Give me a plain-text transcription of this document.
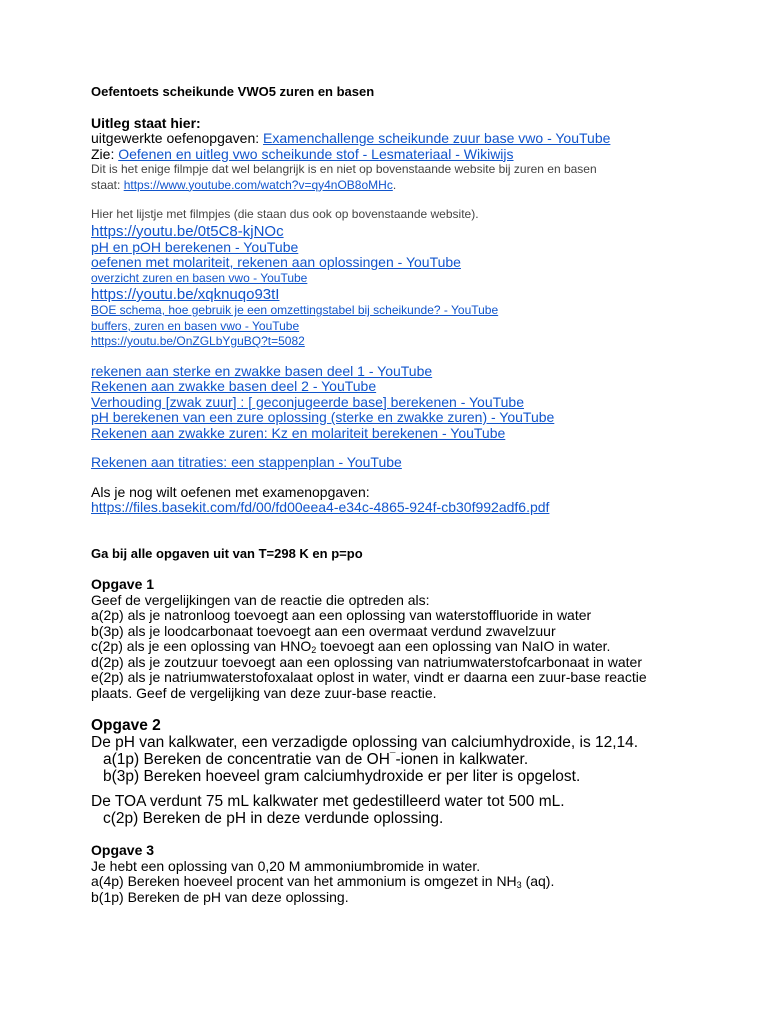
Oefentoets scheikunde VWO5 zuren en basen
Uitleg staat hier:
uitgewerkte oefenopgaven: Examenchallenge scheikunde zuur base vwo - YouTube
Zie: Oefenen en uitleg vwo scheikunde stof - Lesmateriaal - Wikiwijs
Dit is het enige filmpje dat wel belangrijk is en niet op bovenstaande website bij zuren en basen
staat: https://www.youtube.com/watch?v=qy4nOB8oMHc.
Hier het lijstje met filmpjes (die staan dus ook op bovenstaande website).
https://youtu.be/0t5C8-kjNOc
pH en pOH berekenen - YouTube
oefenen met molariteit, rekenen aan oplossingen - YouTube
overzicht zuren en basen vwo - YouTube
https://youtu.be/xqknuqo93tI
BOE schema, hoe gebruik je een omzettingstabel bij scheikunde? - YouTube
buffers, zuren en basen vwo - YouTube
https://youtu.be/OnZGLbYguBQ?t=5082
rekenen aan sterke en zwakke basen deel 1 - YouTube
Rekenen aan zwakke basen deel 2 - YouTube
Verhouding [zwak zuur] : [ geconjugeerde base] berekenen - YouTube
pH berekenen van een zure oplossing (sterke en zwakke zuren) - YouTube
Rekenen aan zwakke zuren: Kz en molariteit berekenen - YouTube
Rekenen aan titraties: een stappenplan - YouTube
Als je nog wilt oefenen met examenopgaven:
https://files.basekit.com/fd/00/fd00eea4-e34c-4865-924f-cb30f992adf6.pdf
Ga bij alle opgaven uit van T=298 K en p=po
Opgave 1
Geef de vergelijkingen van de reactie die optreden als:
a(2p) als je natronloog toevoegt aan een oplossing van waterstoffluoride in water
b(3p) als je loodcarbonaat toevoegt aan een overmaat verdund zwavelzuur
c(2p) als je een oplossing van $HNO_2$ toevoegt aan een oplossing van NaIO in water.
d(2p) als je zoutzuur toevoegt aan een oplossing van natriumwaterstofcarbonaat in water
e(2p) als je natriumwaterstofoxalaat oplost in water, vindt er daarna een zuur-base reactie
plaats. Geef de vergelijking van deze zuur-base reactie.
Opgave 2
De pH van kalkwater, een verzadigde oplossing van calciumhydroxide, is 12,14.
a(1p) Bereken de concentratie van de OH¯-ionen in kalkwater.
b(3p) Bereken hoeveel gram calciumhydroxide er per liter is opgelost.
De TOA verdunt 75 mL kalkwater met gedestilleerd water tot 500 mL.
c(2p) Bereken de pH in deze verdunde oplossing.
Opgave 3
Je hebt een oplossing van 0,20 M ammoniumbromide in water.
a(4p) Bereken hoeveel procent van het ammonium is omgezet in $NH_3$ (aq).
b(1p) Bereken de pH van deze oplossing.
